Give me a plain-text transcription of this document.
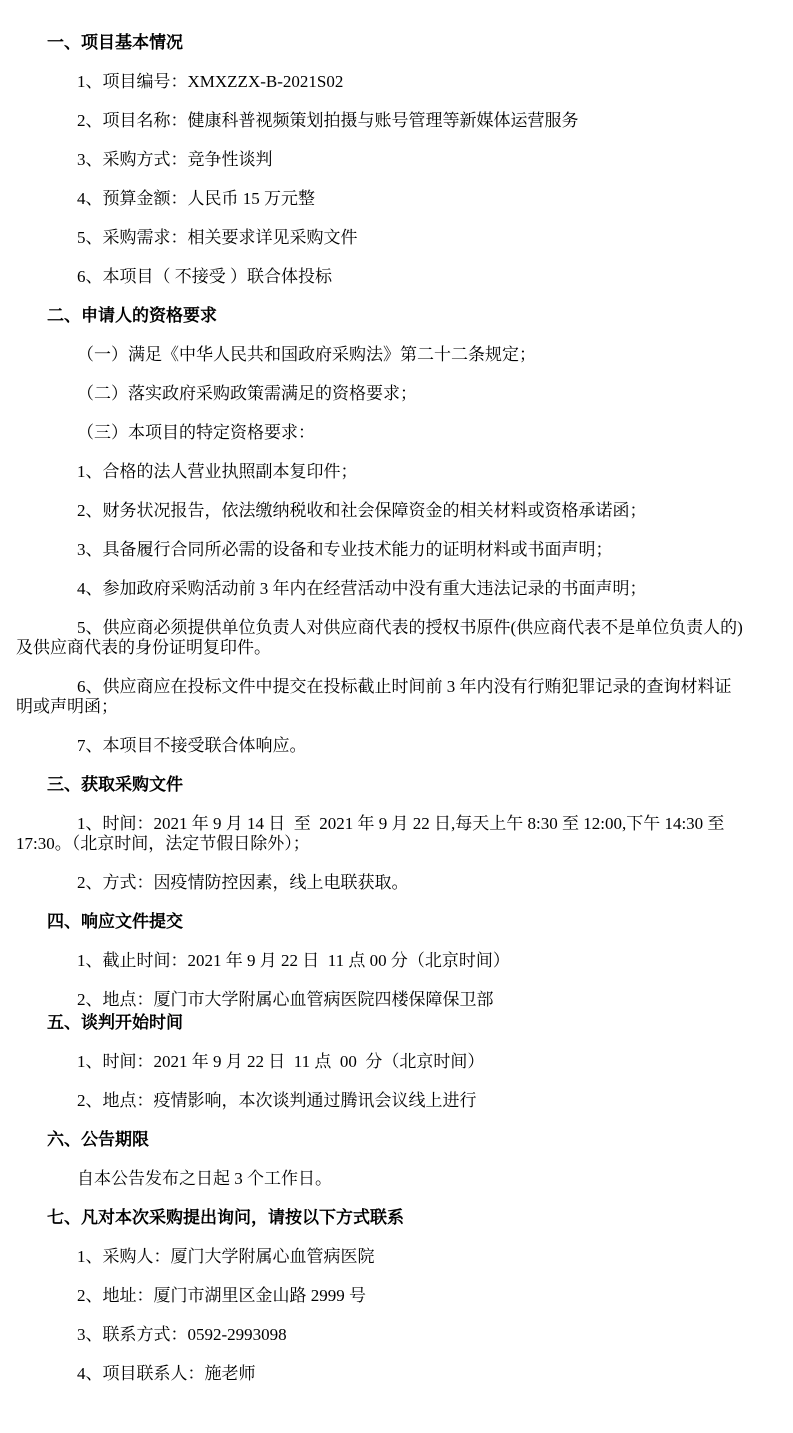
一、项目基本情况

1、项目编号：XMXZZX-B-2021S02

2、项目名称：健康科普视频策划拍摄与账号管理等新媒体运营服务

3、采购方式：竞争性谈判

4、预算金额：人民币 15 万元整

5、采购需求：相关要求详见采购文件

6、本项目（ 不接受 ）联合体投标

二、申请人的资格要求

（一）满足《中华人民共和国政府采购法》第二十二条规定；

（二）落实政府采购政策需满足的资格要求；

（三）本项目的特定资格要求：

1、合格的法人营业执照副本复印件；

2、财务状况报告，依法缴纳税收和社会保障资金的相关材料或资格承诺函；

3、具备履行合同所必需的设备和专业技术能力的证明材料或书面声明；

4、参加政府采购活动前 3 年内在经营活动中没有重大违法记录的书面声明；

5、供应商必须提供单位负责人对供应商代表的授权书原件(供应商代表不是单位负责人的)及供应商代表的身份证明复印件。

6、供应商应在投标文件中提交在投标截止时间前 3 年内没有行贿犯罪记录的查询材料证明或声明函；

7、本项目不接受联合体响应。

三、获取采购文件

1、时间：2021 年 9 月 14 日  至  2021 年 9 月 22 日,每天上午 8:30 至 12:00,下午 14:30 至 17:30。（北京时间，法定节假日除外）；

2、方式：因疫情防控因素，线上电联获取。

四、响应文件提交

1、截止时间：2021 年 9 月 22 日  11 点 00 分（北京时间）

2、地点：厦门市大学附属心血管病医院四楼保障保卫部

五、谈判开始时间

1、时间：2021 年 9 月 22 日  11 点  00  分（北京时间）

2、地点：疫情影响，本次谈判通过腾讯会议线上进行

六、公告期限

自本公告发布之日起 3 个工作日。

七、凡对本次采购提出询问，请按以下方式联系

1、采购人：厦门大学附属心血管病医院

2、地址：厦门市湖里区金山路 2999 号

3、联系方式：0592-2993098

4、项目联系人：施老师
